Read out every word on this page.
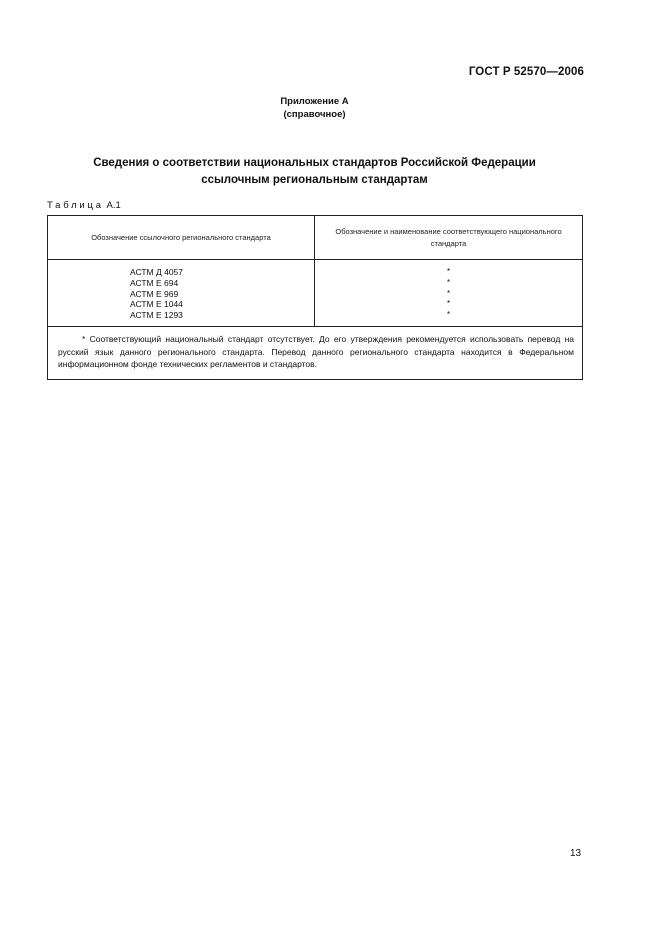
ГОСТ Р 52570—2006
Приложение А
(справочное)
Сведения о соответствии национальных стандартов Российской Федерации
ссылочным региональным стандартам
Таблица А.1
Обозначение ссылочного регионального стандарта
Обозначение и наименование соответствующего национального стандарта
АСТМ Д 4057
АСТМ Е 694
АСТМ Е 969
АСТМ Е 1044
АСТМ Е 1293
*
*
*
*
*
* Соответствующий национальный стандарт отсутствует. До его утверждения рекомендуется использовать перевод на русский язык данного регионального стандарта. Перевод данного регионального стандарта находится в Федеральном информационном фонде технических регламентов и стандартов.
13
